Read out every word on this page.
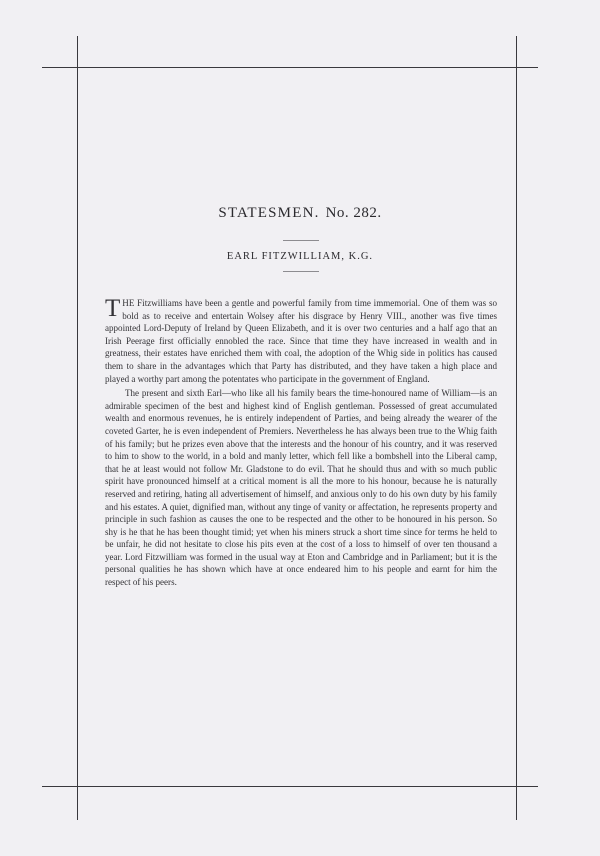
STATESMEN. No. 282.
EARL FITZWILLIAM, K.G.

THE Fitzwilliams have been a gentle and powerful family from time immemorial. One of them was so bold as to receive and entertain Wolsey after his disgrace by Henry VIII., another was five times appointed Lord-Deputy of Ireland by Queen Elizabeth, and it is over two centuries and a half ago that an Irish Peerage first officially ennobled the race. Since that time they have increased in wealth and in greatness, their estates have enriched them with coal, the adoption of the Whig side in politics has caused them to share in the advantages which that Party has distributed, and they have taken a high place and played a worthy part among the potentates who participate in the government of England.

The present and sixth Earl—who like all his family bears the time-honoured name of William—is an admirable specimen of the best and highest kind of English gentleman. Possessed of great accumulated wealth and enormous revenues, he is entirely independent of Parties, and being already the wearer of the coveted Garter, he is even independent of Premiers. Nevertheless he has always been true to the Whig faith of his family; but he prizes even above that the interests and the honour of his country, and it was reserved to him to show to the world, in a bold and manly letter, which fell like a bombshell into the Liberal camp, that he at least would not follow Mr. Gladstone to do evil. That he should thus and with so much public spirit have pronounced himself at a critical moment is all the more to his honour, because he is naturally reserved and retiring, hating all advertisement of himself, and anxious only to do his own duty by his family and his estates. A quiet, dignified man, without any tinge of vanity or affectation, he represents property and principle in such fashion as causes the one to be respected and the other to be honoured in his person. So shy is he that he has been thought timid; yet when his miners struck a short time since for terms he held to be unfair, he did not hesitate to close his pits even at the cost of a loss to himself of over ten thousand a year. Lord Fitzwilliam was formed in the usual way at Eton and Cambridge and in Parliament; but it is the personal qualities he has shown which have at once endeared him to his people and earnt for him the respect of his peers.
